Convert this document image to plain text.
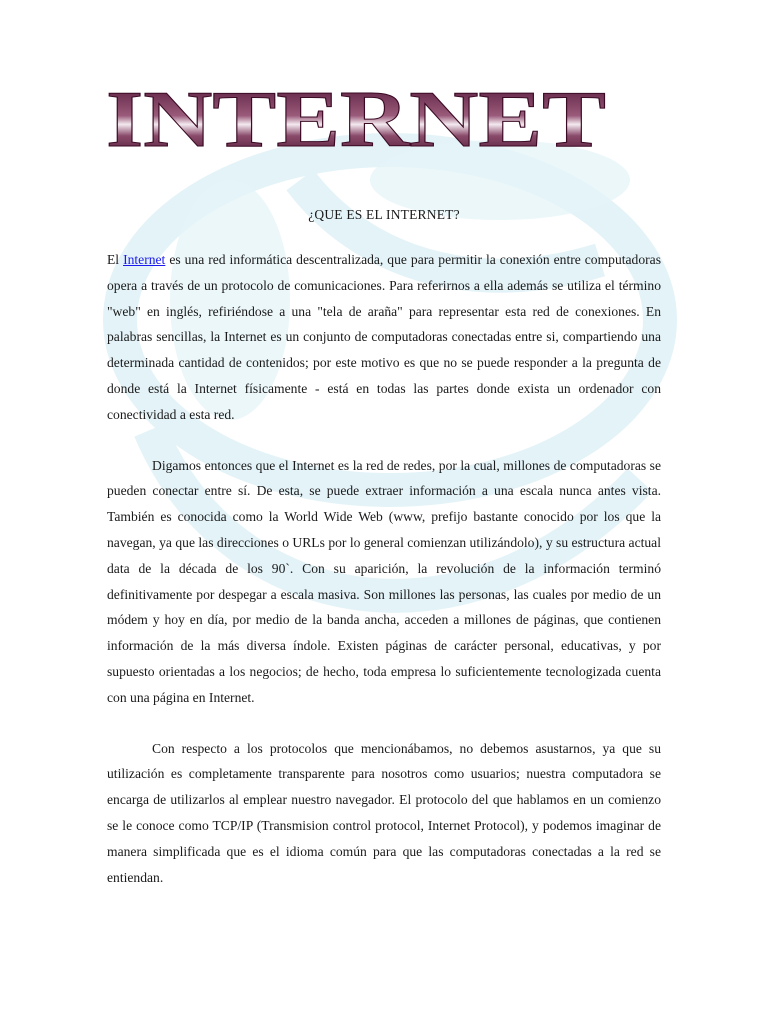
INTERNET
¿QUE ES EL INTERNET?

El Internet es una red informática descentralizada, que para permitir la conexión entre computadoras opera a través de un protocolo de comunicaciones. Para referirnos a ella además se utiliza el término "web" en inglés, refiriéndose a una "tela de araña" para representar esta red de conexiones. En palabras sencillas, la Internet es un conjunto de computadoras conectadas entre si, compartiendo una determinada cantidad de contenidos; por este motivo es que no se puede responder a la pregunta de donde está la Internet físicamente - está en todas las partes donde exista un ordenador con conectividad a esta red.

Digamos entonces que el Internet es la red de redes, por la cual, millones de computadoras se pueden conectar entre sí. De esta, se puede extraer información a una escala nunca antes vista. También es conocida como la World Wide Web (www, prefijo bastante conocido por los que la navegan, ya que las direcciones o URLs por lo general comienzan utilizándolo), y su estructura actual data de la década de los 90`. Con su aparición, la revolución de la información terminó definitivamente por despegar a escala masiva. Son millones las personas, las cuales por medio de un módem y hoy en día, por medio de la banda ancha, acceden a millones de páginas, que contienen información de la más diversa índole. Existen páginas de carácter personal, educativas, y por supuesto orientadas a los negocios; de hecho, toda empresa lo suficientemente tecnologizada cuenta con una página en Internet.

Con respecto a los protocolos que mencionábamos, no debemos asustarnos, ya que su utilización es completamente transparente para nosotros como usuarios; nuestra computadora se encarga de utilizarlos al emplear nuestro navegador. El protocolo del que hablamos en un comienzo se le conoce como TCP/IP (Transmision control protocol, Internet Protocol), y podemos imaginar de manera simplificada que es el idioma común para que las computadoras conectadas a la red se entiendan.
